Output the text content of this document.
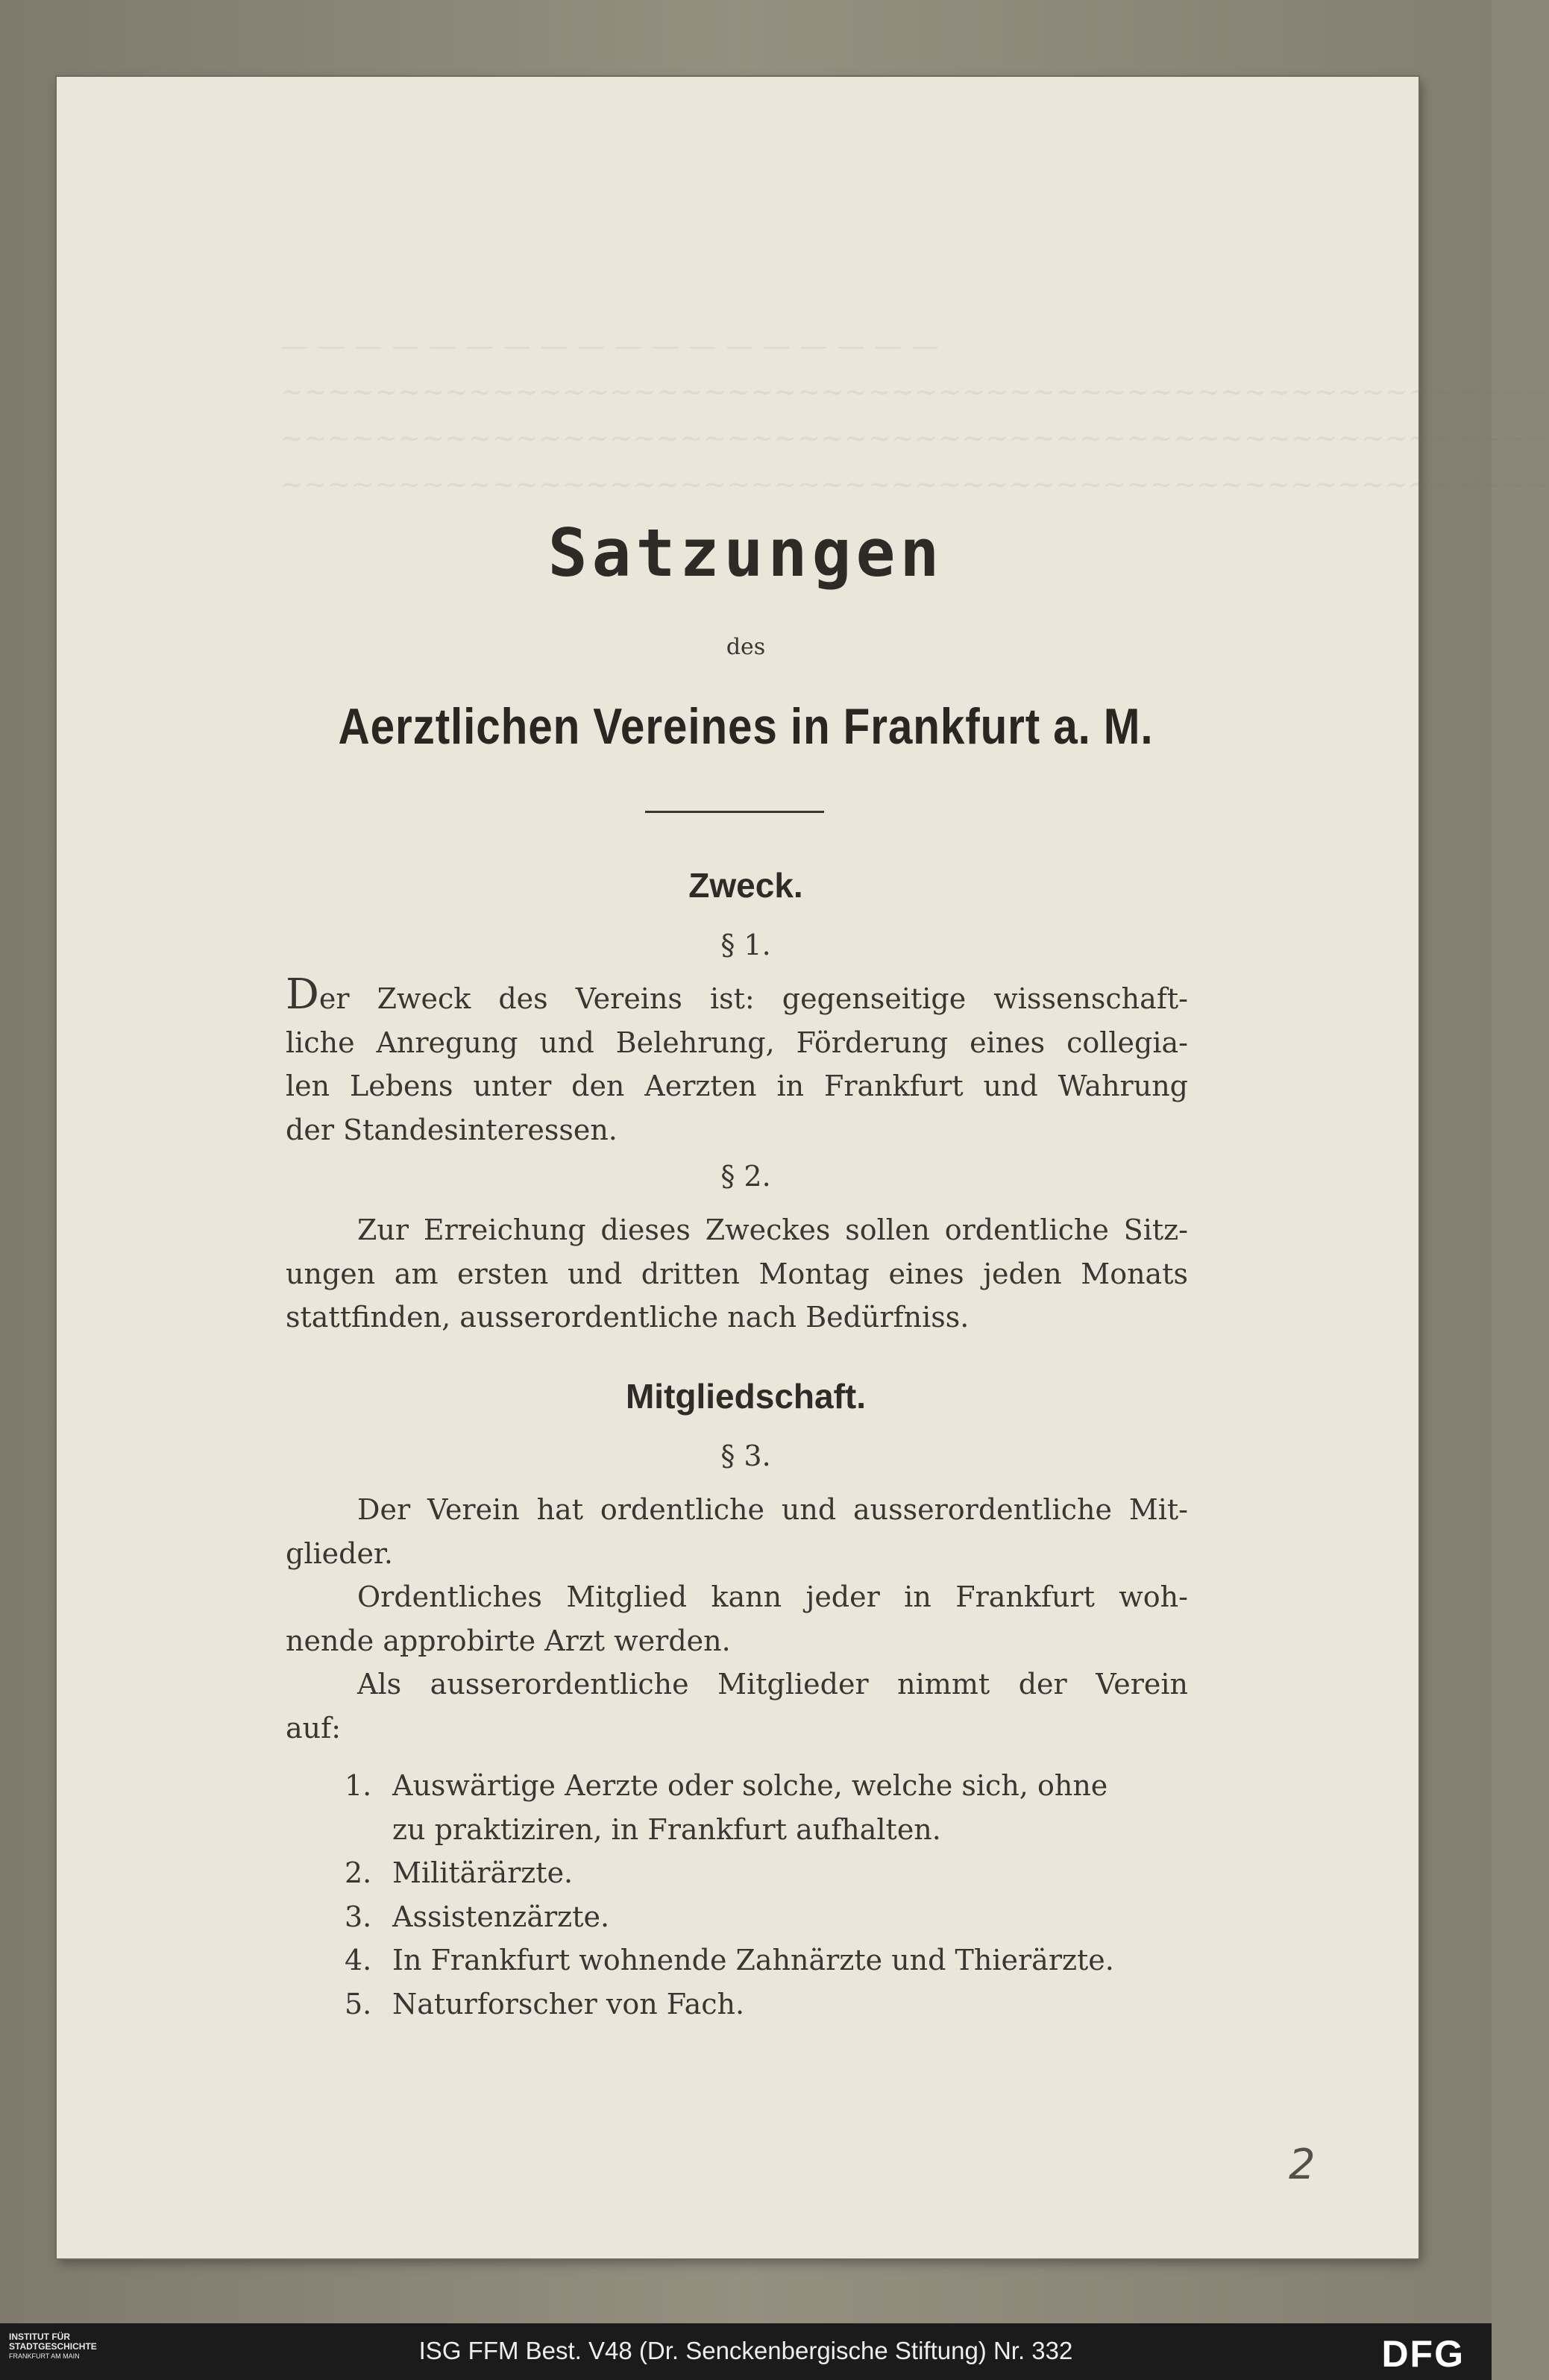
— — — — — — — — — — — — — — — — — —
~~~~~~~~~~~~~~~~~~~~~~~~~~~~~~~~~~~~~~~~~~~~~~~~~~~~~~
~~~~~~~~~~~~~~~~~~~~~~~~~~~~~~~~~~~~~~~~~~~~~~~~~~~~~~
~~~~~~~~~~~~~~~~~~~~~~~~~~~~~~~~~~~~~~~~~~~~~~~~~~~~~~
Satzungen
des
Aerztlichen Vereines in Frankfurt a. M.
Zweck.
§ 1.
Der Zweck des Vereins ist: gegenseitige wissenschaft-
liche Anregung und Belehrung, Förderung eines collegia-
len Lebens unter den Aerzten in Frankfurt und Wahrung
der Standesinteressen.
§ 2.
Zur Erreichung dieses Zweckes sollen ordentliche Sitz-
ungen am ersten und dritten Montag eines jeden Monats
stattfinden, ausserordentliche nach Bedürfniss.
Mitgliedschaft.
§ 3.
Der Verein hat ordentliche und ausserordentliche Mit-
glieder.
Ordentliches Mitglied kann jeder in Frankfurt woh-
nende approbirte Arzt werden.
Als ausserordentliche Mitglieder nimmt der Verein
auf:
1. Auswärtige Aerzte oder solche, welche sich, ohne
zu praktiziren, in Frankfurt aufhalten.
2. Militärärzte.
3. Assistenzärzte.
4. In Frankfurt wohnende Zahnärzte und Thierärzte.
5. Naturforscher von Fach.
2
INSTITUT FÜR
STADTGESCHICHTE
FRANKFURT AM MAIN	ISG FFM Best. V48 (Dr. Senckenbergische Stiftung) Nr. 332	DFG
